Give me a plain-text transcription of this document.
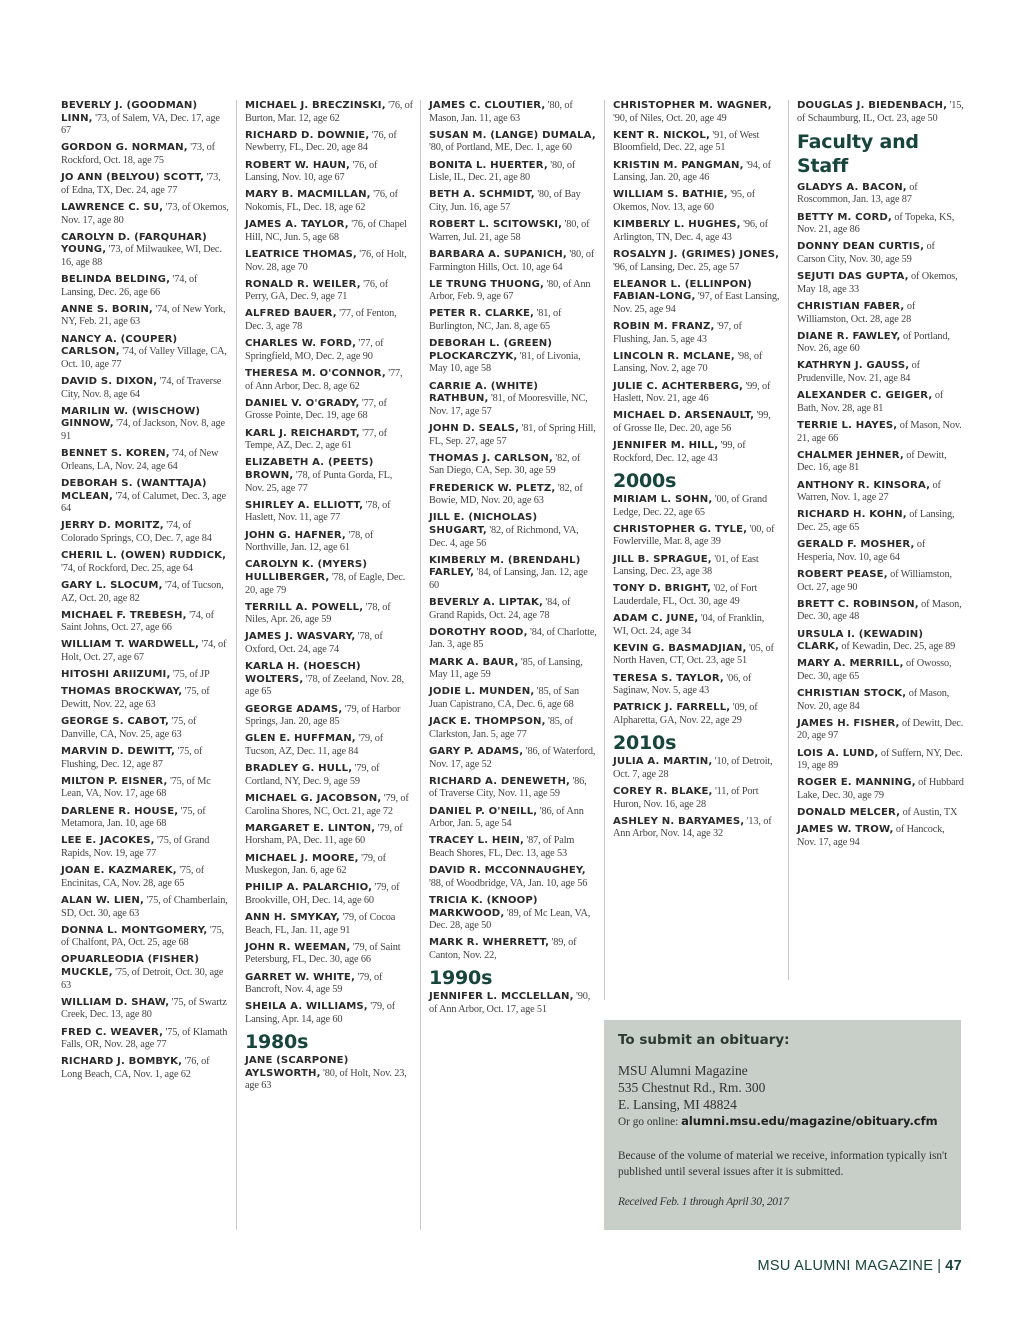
BEVERLY J. (GOODMAN) LINN, '73, of Salem, VA, Dec. 17, age 67
GORDON G. NORMAN, '73, of Rockford, Oct. 18, age 75
JO ANN (BELYOU) SCOTT, '73, of Edna, TX, Dec. 24, age 77
LAWRENCE C. SU, '73, of Okemos, Nov. 17, age 80
CAROLYN D. (FARQUHAR) YOUNG, '73, of Milwaukee, WI, Dec. 16, age 88
BELINDA BELDING, '74, of Lansing, Dec. 26, age 66
ANNE S. BORIN, '74, of New York, NY, Feb. 21, age 63
NANCY A. (COUPER) CARLSON, '74, of Valley Village, CA, Oct. 10, age 77
DAVID S. DIXON, '74, of Traverse City, Nov. 8, age 64
MARILIN W. (WISCHOW) GINNOW, '74, of Jackson, Nov. 8, age 91
BENNET S. KOREN, '74, of New Orleans, LA, Nov. 24, age 64
DEBORAH S. (WANTTAJA) MCLEAN, '74, of Calumet, Dec. 3, age 64
JERRY D. MORITZ, '74, of Colorado Springs, CO, Dec. 7, age 84
CHERIL L. (OWEN) RUDDICK, '74, of Rockford, Dec. 25, age 64
GARY L. SLOCUM, '74, of Tucson, AZ, Oct. 20, age 82
MICHAEL F. TREBESH, '74, of Saint Johns, Oct. 27, age 66
WILLIAM T. WARDWELL, '74, of Holt, Oct. 27, age 67
HITOSHI ARIIZUMI, '75, of JP
THOMAS BROCKWAY, '75, of Dewitt, Nov. 22, age 63
GEORGE S. CABOT, '75, of Danville, CA, Nov. 25, age 63
MARVIN D. DEWITT, '75, of Flushing, Dec. 12, age 87
MILTON P. EISNER, '75, of Mc Lean, VA, Nov. 17, age 68
DARLENE R. HOUSE, '75, of Metamora, Jan. 10, age 68
LEE E. JACOKES, '75, of Grand Rapids, Nov. 19, age 77
JOAN E. KAZMAREK, '75, of Encinitas, CA, Nov. 28, age 65
ALAN W. LIEN, '75, of Chamberlain, SD, Oct. 30, age 63
DONNA L. MONTGOMERY, '75, of Chalfont, PA, Oct. 25, age 68
OPUARLEODIA (FISHER) MUCKLE, '75, of Detroit, Oct. 30, age 63
WILLIAM D. SHAW, '75, of Swartz Creek, Dec. 13, age 80
FRED C. WEAVER, '75, of Klamath Falls, OR, Nov. 28, age 77
RICHARD J. BOMBYK, '76, of Long Beach, CA, Nov. 1, age 62
MICHAEL J. BRECZINSKI, '76, of Burton, Mar. 12, age 62
RICHARD D. DOWNIE, '76, of Newberry, FL, Dec. 20, age 84
ROBERT W. HAUN, '76, of Lansing, Nov. 10, age 67
MARY B. MACMILLAN, '76, of Nokomis, FL, Dec. 18, age 62
JAMES A. TAYLOR, '76, of Chapel Hill, NC, Jun. 5, age 68
LEATRICE THOMAS, '76, of Holt, Nov. 28, age 70
RONALD R. WEILER, '76, of Perry, GA, Dec. 9, age 71
ALFRED BAUER, '77, of Fenton, Dec. 3, age 78
CHARLES W. FORD, '77, of Springfield, MO, Dec. 2, age 90
THERESA M. O'CONNOR, '77, of Ann Arbor, Dec. 8, age 62
DANIEL V. O'GRADY, '77, of Grosse Pointe, Dec. 19, age 68
KARL J. REICHARDT, '77, of Tempe, AZ, Dec. 2, age 61
ELIZABETH A. (PEETS) BROWN, '78, of Punta Gorda, FL, Nov. 25, age 77
SHIRLEY A. ELLIOTT, '78, of Haslett, Nov. 11, age 77
JOHN G. HAFNER, '78, of Northville, Jan. 12, age 61
CAROLYN K. (MYERS) HULLIBERGER, '78, of Eagle, Dec. 20, age 79
TERRILL A. POWELL, '78, of Niles, Apr. 26, age 59
JAMES J. WASVARY, '78, of Oxford, Oct. 24, age 74
KARLA H. (HOESCH) WOLTERS, '78, of Zeeland, Nov. 28, age 65
GEORGE ADAMS, '79, of Harbor Springs, Jan. 20, age 85
GLEN E. HUFFMAN, '79, of Tucson, AZ, Dec. 11, age 84
BRADLEY G. HULL, '79, of Cortland, NY, Dec. 9, age 59
MICHAEL G. JACOBSON, '79, of Carolina Shores, NC, Oct. 21, age 72
MARGARET E. LINTON, '79, of Horsham, PA, Dec. 11, age 60
MICHAEL J. MOORE, '79, of Muskegon, Jan. 6, age 62
PHILIP A. PALARCHIO, '79, of Brookville, OH, Dec. 14, age 60
ANN H. SMYKAY, '79, of Cocoa Beach, FL, Jan. 11, age 91
JOHN R. WEEMAN, '79, of Saint Petersburg, FL, Dec. 30, age 66
GARRET W. WHITE, '79, of Bancroft, Nov. 4, age 59
SHEILA A. WILLIAMS, '79, of Lansing, Apr. 14, age 60
1980s
JANE (SCARPONE) AYLSWORTH, '80, of Holt, Nov. 23, age 63
JAMES C. CLOUTIER, '80, of Mason, Jan. 11, age 63
SUSAN M. (LANGE) DUMALA, '80, of Portland, ME, Dec. 1, age 60
BONITA L. HUERTER, '80, of Lisle, IL, Dec. 21, age 80
BETH A. SCHMIDT, '80, of Bay City, Jun. 16, age 57
ROBERT L. SCITOWSKI, '80, of Warren, Jul. 21, age 58
BARBARA A. SUPANICH, '80, of Farmington Hills, Oct. 10, age 64
LE TRUNG THUONG, '80, of Ann Arbor, Feb. 9, age 67
PETER R. CLARKE, '81, of Burlington, NC, Jan. 8, age 65
DEBORAH L. (GREEN) PLOCKARCZYK, '81, of Livonia, May 10, age 58
CARRIE A. (WHITE) RATHBUN, '81, of Mooresville, NC, Nov. 17, age 57
JOHN D. SEALS, '81, of Spring Hill, FL, Sep. 27, age 57
THOMAS J. CARLSON, '82, of San Diego, CA, Sep. 30, age 59
FREDERICK W. PLETZ, '82, of Bowie, MD, Nov. 20, age 63
JILL E. (NICHOLAS) SHUGART, '82, of Richmond, VA, Dec. 4, age 56
KIMBERLY M. (BRENDAHL) FARLEY, '84, of Lansing, Jan. 12, age 60
BEVERLY A. LIPTAK, '84, of Grand Rapids, Oct. 24, age 78
DOROTHY ROOD, '84, of Charlotte, Jan. 3, age 85
MARK A. BAUR, '85, of Lansing, May 11, age 59
JODIE L. MUNDEN, '85, of San Juan Capistrano, CA, Dec. 6, age 68
JACK E. THOMPSON, '85, of Clarkston, Jan. 5, age 77
GARY P. ADAMS, '86, of Waterford, Nov. 17, age 52
RICHARD A. DENEWETH, '86, of Traverse City, Nov. 11, age 59
DANIEL P. O'NEILL, '86, of Ann Arbor, Jan. 5, age 54
TRACEY L. HEIN, '87, of Palm Beach Shores, FL, Dec. 13, age 53
DAVID R. MCCONNAUGHEY, '88, of Woodbridge, VA, Jan. 10, age 56
TRICIA K. (KNOOP) MARKWOOD, '89, of Mc Lean, VA, Dec. 28, age 50
MARK R. WHERRETT, '89, of Canton, Nov. 22,
1990s
JENNIFER L. MCCLELLAN, '90, of Ann Arbor, Oct. 17, age 51
CHRISTOPHER M. WAGNER, '90, of Niles, Oct. 20, age 49
KENT R. NICKOL, '91, of West Bloomfield, Dec. 22, age 51
KRISTIN M. PANGMAN, '94, of Lansing, Jan. 20, age 46
WILLIAM S. BATHIE, '95, of Okemos, Nov. 13, age 60
KIMBERLY L. HUGHES, '96, of Arlington, TN, Dec. 4, age 43
ROSALYN J. (GRIMES) JONES, '96, of Lansing, Dec. 25, age 57
ELEANOR L. (ELLINPON) FABIAN-LONG, '97, of East Lansing, Nov. 25, age 94
ROBIN M. FRANZ, '97, of Flushing, Jan. 5, age 43
LINCOLN R. MCLANE, '98, of Lansing, Nov. 2, age 70
JULIE C. ACHTERBERG, '99, of Haslett, Nov. 21, age 46
MICHAEL D. ARSENAULT, '99, of Grosse Ile, Dec. 20, age 56
JENNIFER M. HILL, '99, of Rockford, Dec. 12, age 43
2000s
MIRIAM L. SOHN, '00, of Grand Ledge, Dec. 22, age 65
CHRISTOPHER G. TYLE, '00, of Fowlerville, Mar. 8, age 39
JILL B. SPRAGUE, '01, of East Lansing, Dec. 23, age 38
TONY D. BRIGHT, '02, of Fort Lauderdale, FL, Oct. 30, age 49
ADAM C. JUNE, '04, of Franklin, WI, Oct. 24, age 34
KEVIN G. BASMADJIAN, '05, of North Haven, CT, Oct. 23, age 51
TERESA S. TAYLOR, '06, of Saginaw, Nov. 5, age 43
PATRICK J. FARRELL, '09, of Alpharetta, GA, Nov. 22, age 29
2010s
JULIA A. MARTIN, '10, of Detroit, Oct. 7, age 28
COREY R. BLAKE, '11, of Port Huron, Nov. 16, age 28
ASHLEY N. BARYAMES, '13, of Ann Arbor, Nov. 14, age 32
DOUGLAS J. BIEDENBACH, '15, of Schaumburg, IL, Oct. 23, age 50
Faculty and Staff
GLADYS A. BACON, of Roscommon, Jan. 13, age 87
BETTY M. CORD, of Topeka, KS, Nov. 21, age 86
DONNY DEAN CURTIS, of Carson City, Nov. 30, age 59
SEJUTI DAS GUPTA, of Okemos, May 18, age 33
CHRISTIAN FABER, of Williamston, Oct. 28, age 28
DIANE R. FAWLEY, of Portland, Nov. 26, age 60
KATHRYN J. GAUSS, of Prudenville, Nov. 21, age 84
ALEXANDER C. GEIGER, of Bath, Nov. 28, age 81
TERRIE L. HAYES, of Mason, Nov. 21, age 66
CHALMER JEHNER, of Dewitt, Dec. 16, age 81
ANTHONY R. KINSORA, of Warren, Nov. 1, age 27
RICHARD H. KOHN, of Lansing, Dec. 25, age 65
GERALD F. MOSHER, of Hesperia, Nov. 10, age 64
ROBERT PEASE, of Williamston, Oct. 27, age 90
BRETT C. ROBINSON, of Mason, Dec. 30, age 48
URSULA I. (KEWADIN) CLARK, of Kewadin, Dec. 25, age 89
MARY A. MERRILL, of Owosso, Dec. 30, age 65
CHRISTIAN STOCK, of Mason, Nov. 20, age 84
JAMES H. FISHER, of Dewitt, Dec. 20, age 97
LOIS A. LUND, of Suffern, NY, Dec. 19, age 89
ROGER E. MANNING, of Hubbard Lake, Dec. 30, age 79
DONALD MELCER, of Austin, TX
JAMES W. TROW, of Hancock, Nov. 17, age 94

To submit an obituary:

MSU Alumni Magazine

535 Chestnut Rd., Rm. 300

E. Lansing, MI 48824

Or go online: alumni.msu.edu/magazine/obituary.cfm

Because of the volume of material we receive, information typically isn't published until several issues after it is submitted.

Received Feb. 1 through April 30, 2017

MSU ALUMNI MAGAZINE | 47
